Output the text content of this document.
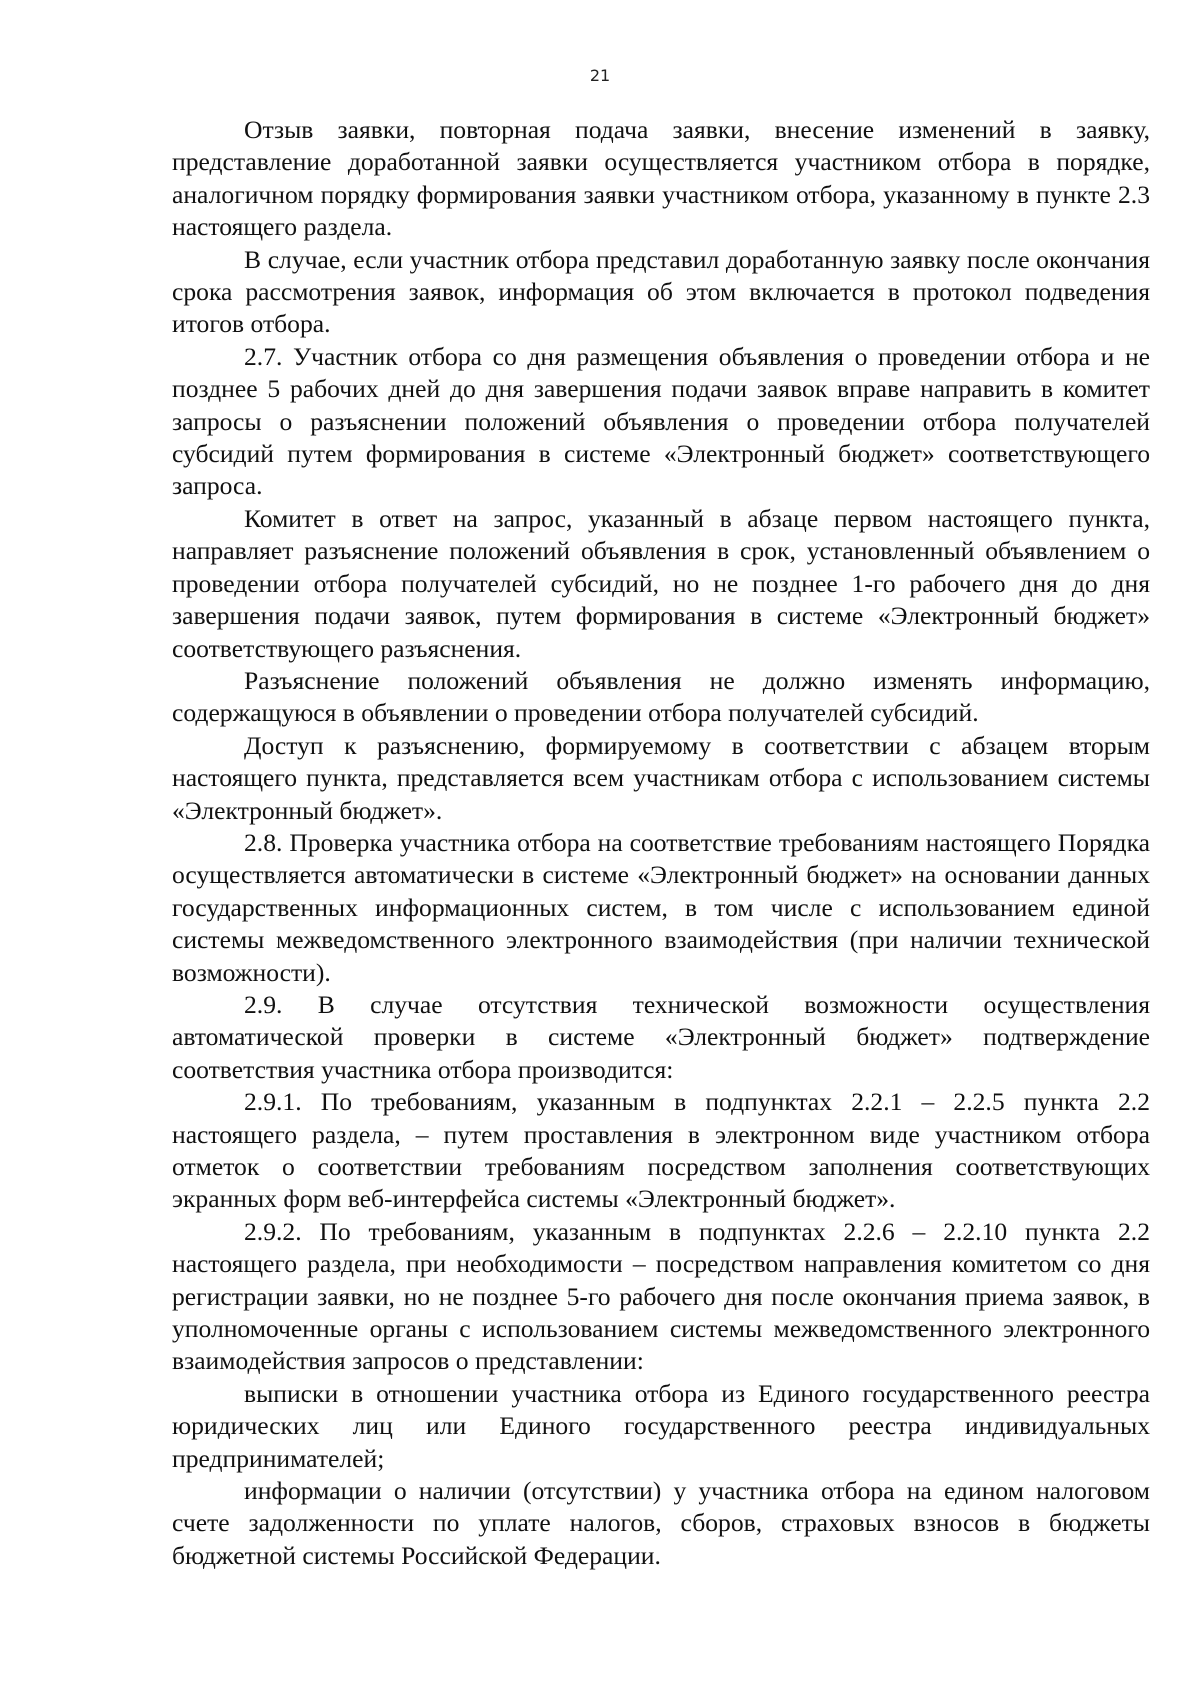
21

Отзыв заявки, повторная подача заявки, внесение изменений в заявку, представление доработанной заявки осуществляется участником отбора в порядке, аналогичном порядку формирования заявки участником отбора, указанному в пункте 2.3 настоящего раздела.

В случае, если участник отбора представил доработанную заявку после окончания срока рассмотрения заявок, информация об этом включается в протокол подведения итогов отбора.

2.7. Участник отбора со дня размещения объявления о проведении отбора и не позднее 5 рабочих дней до дня завершения подачи заявок вправе направить в комитет запросы о разъяснении положений объявления о проведении отбора получателей субсидий путем формирования в системе «Электронный бюджет» соответствующего запроса.

Комитет в ответ на запрос, указанный в абзаце первом настоящего пункта, направляет разъяснение положений объявления в срок, установленный объявлением о проведении отбора получателей субсидий, но не позднее 1-го рабочего дня до дня завершения подачи заявок, путем формирования в системе «Электронный бюджет» соответствующего разъяснения.

Разъяснение положений объявления не должно изменять информацию, содержащуюся в объявлении о проведении отбора получателей субсидий.

Доступ к разъяснению, формируемому в соответствии с абзацем вторым настоящего пункта, представляется всем участникам отбора с использованием системы «Электронный бюджет».

2.8. Проверка участника отбора на соответствие требованиям настоящего Порядка осуществляется автоматически в системе «Электронный бюджет» на основании данных государственных информационных систем, в том числе с использованием единой системы межведомственного электронного взаимодействия (при наличии технической возможности).

2.9. В случае отсутствия технической возможности осуществления автоматической проверки в системе «Электронный бюджет» подтверждение соответствия участника отбора производится:

2.9.1. По требованиям, указанным в подпунктах 2.2.1 – 2.2.5 пункта 2.2 настоящего раздела, – путем проставления в электронном виде участником отбора отметок о соответствии требованиям посредством заполнения соответствующих экранных форм веб-интерфейса системы «Электронный бюджет».

2.9.2. По требованиям, указанным в подпунктах 2.2.6 – 2.2.10 пункта 2.2 настоящего раздела, при необходимости – посредством направления комитетом со дня регистрации заявки, но не позднее 5-го рабочего дня после окончания приема заявок, в уполномоченные органы с использованием системы межведомственного электронного взаимодействия запросов о представлении:

выписки в отношении участника отбора из Единого государственного реестра юридических лиц или Единого государственного реестра индивидуальных предпринимателей;

информации о наличии (отсутствии) у участника отбора на едином налоговом счете задолженности по уплате налогов, сборов, страховых взносов в бюджеты бюджетной системы Российской Федерации.
